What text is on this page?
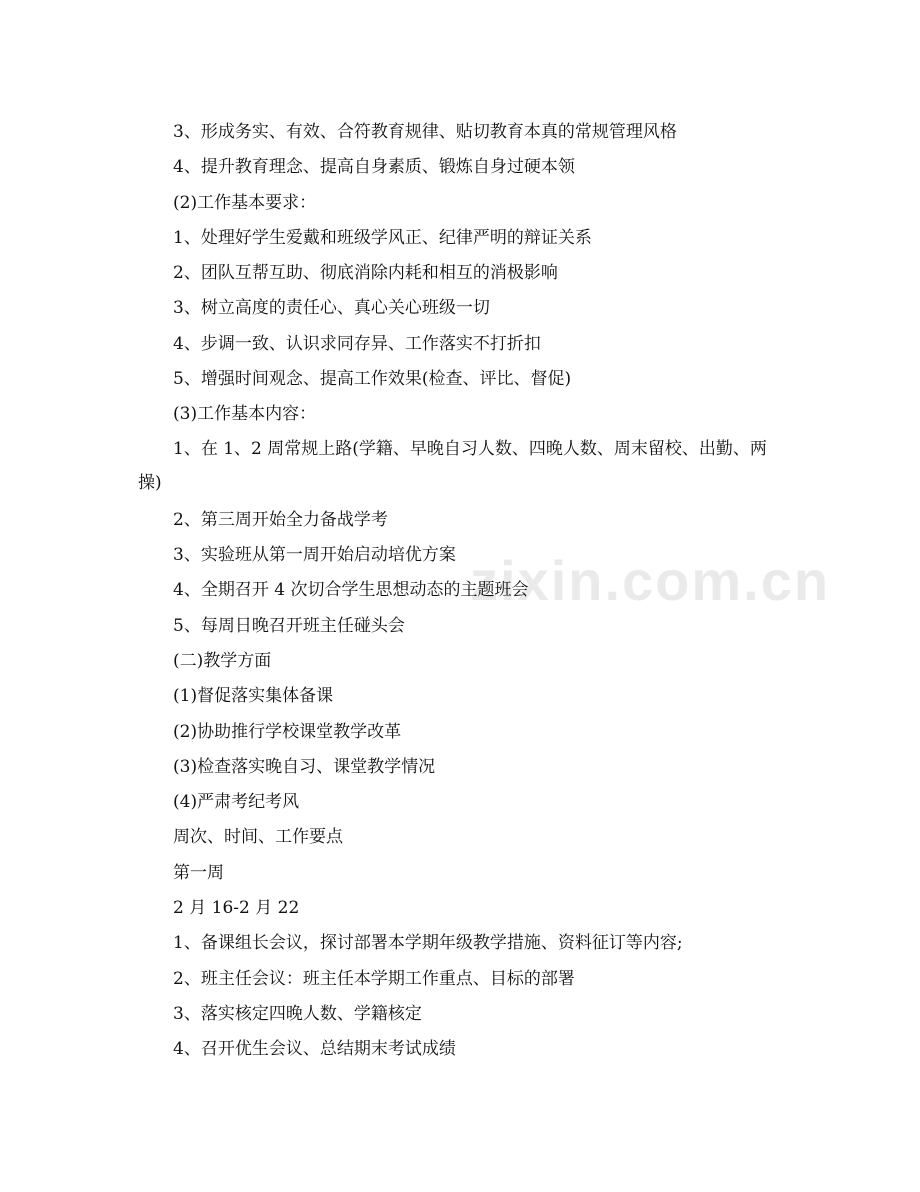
zixin.com.cn
3、形成务实、有效、合符教育规律、贴切教育本真的常规管理风格
4、提升教育理念、提高自身素质、锻炼自身过硬本领
(2)工作基本要求：
1、处理好学生爱戴和班级学风正、纪律严明的辩证关系
2、团队互帮互助、彻底消除内耗和相互的消极影响
3、树立高度的责任心、真心关心班级一切
4、步调一致、认识求同存异、工作落实不打折扣
5、增强时间观念、提高工作效果(检查、评比、督促)
(3)工作基本内容：
1、在 1、2 周常规上路(学籍、早晚自习人数、四晚人数、周末留校、出勤、两操)
2、第三周开始全力备战学考
3、实验班从第一周开始启动培优方案
4、全期召开 4 次切合学生思想动态的主题班会
5、每周日晚召开班主任碰头会
(二)教学方面
(1)督促落实集体备课
(2)协助推行学校课堂教学改革
(3)检查落实晚自习、课堂教学情况
(4)严肃考纪考风
周次、时间、工作要点
第一周
2 月 16-2 月 22
1、备课组长会议，探讨部署本学期年级教学措施、资料征订等内容;
2、班主任会议：班主任本学期工作重点、目标的部署
3、落实核定四晚人数、学籍核定
4、召开优生会议、总结期末考试成绩
